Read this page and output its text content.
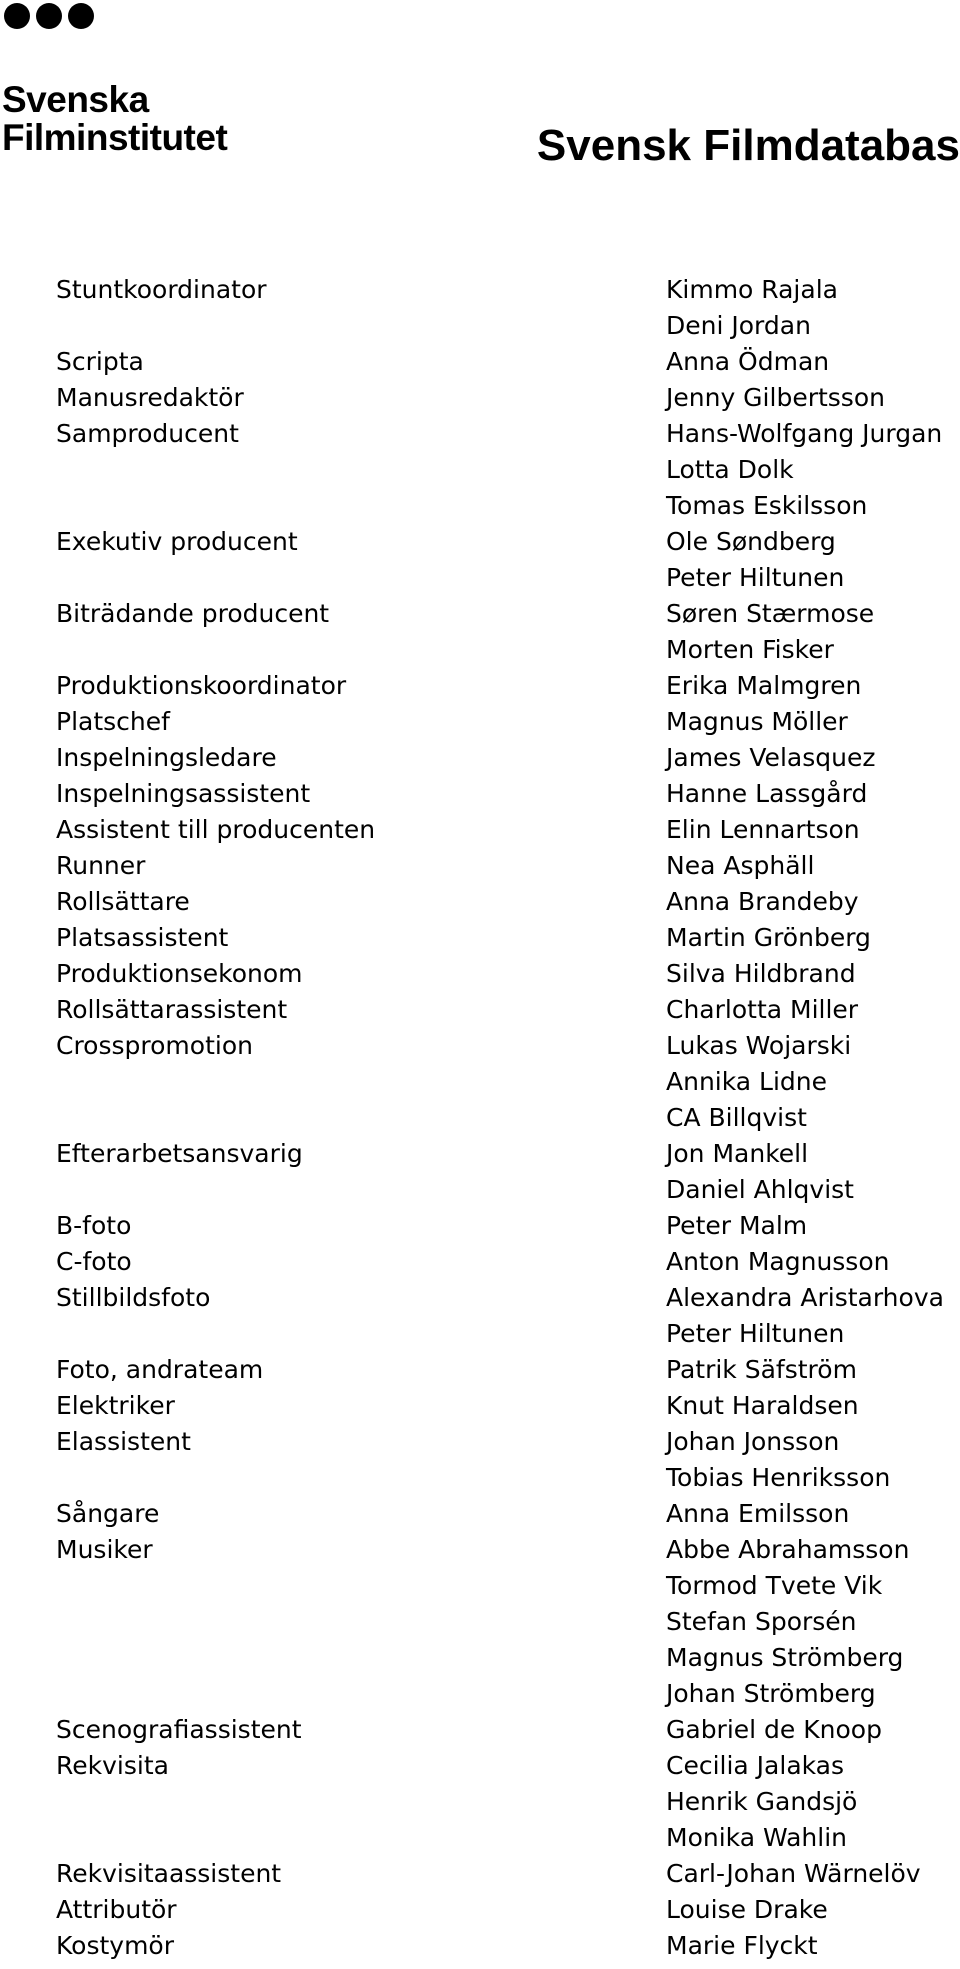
Svenska
Filminstitutet	Svensk Filmdatabas
Stuntkoordinator	Kimmo Rajala
Deni Jordan
Scripta	Anna Ödman
Manusredaktör	Jenny Gilbertsson
Samproducent	Hans-Wolfgang Jurgan
Lotta Dolk
Tomas Eskilsson
Exekutiv producent	Ole Søndberg
Peter Hiltunen
Biträdande producent	Søren Stærmose
Morten Fisker
Produktionskoordinator	Erika Malmgren
Platschef	Magnus Möller
Inspelningsledare	James Velasquez
Inspelningsassistent	Hanne Lassgård
Assistent till producenten	Elin Lennartson
Runner	Nea Asphäll
Rollsättare	Anna Brandeby
Platsassistent	Martin Grönberg
Produktionsekonom	Silva Hildbrand
Rollsättarassistent	Charlotta Miller
Crosspromotion	Lukas Wojarski
Annika Lidne
CA Billqvist
Efterarbetsansvarig	Jon Mankell
Daniel Ahlqvist
B-foto	Peter Malm
C-foto	Anton Magnusson
Stillbildsfoto	Alexandra Aristarhova
Peter Hiltunen
Foto, andrateam	Patrik Säfström
Elektriker	Knut Haraldsen
Elassistent	Johan Jonsson
Tobias Henriksson
Sångare	Anna Emilsson
Musiker	Abbe Abrahamsson
Tormod Tvete Vik
Stefan Sporsén
Magnus Strömberg
Johan Strömberg
Scenografiassistent	Gabriel de Knoop
Rekvisita	Cecilia Jalakas
Henrik Gandsjö
Monika Wahlin
Rekvisitaassistent	Carl-Johan Wärnelöv
Attributör	Louise Drake
Kostymör	Marie Flyckt
